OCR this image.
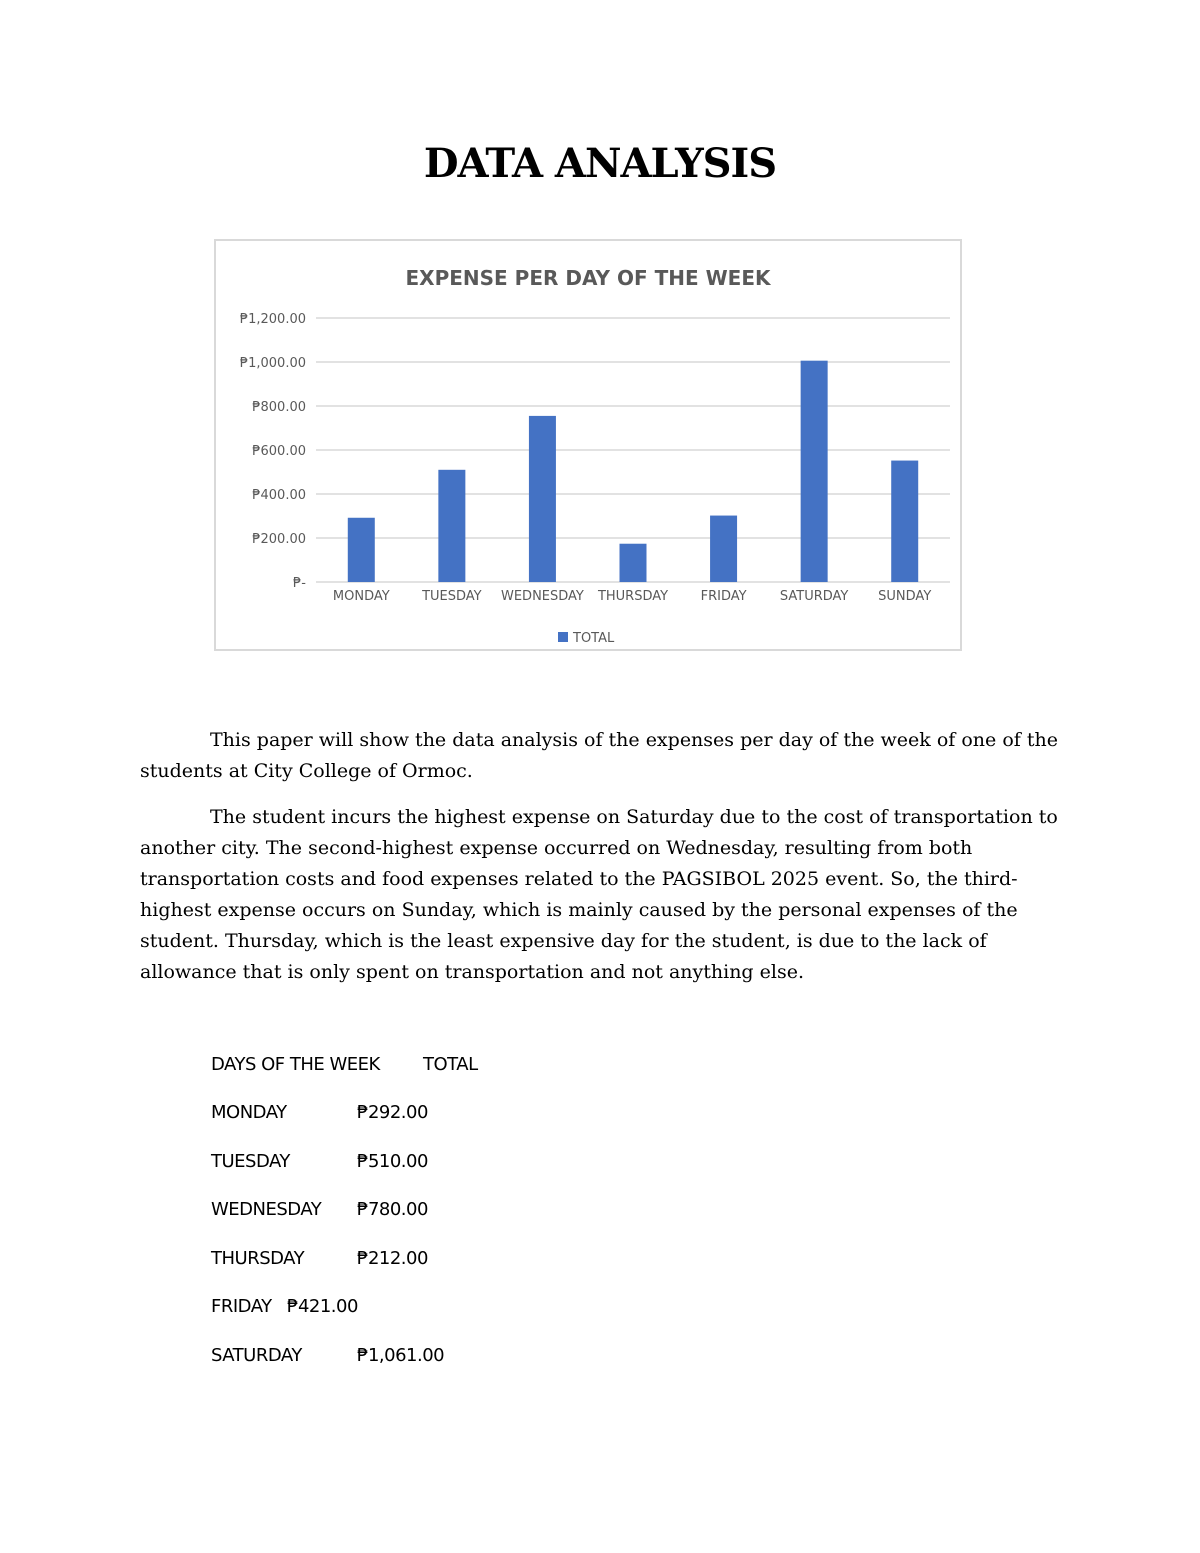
DATA ANALYSIS
EXPENSE PER DAY OF THE WEEK
₱-
₱200.00
₱400.00
₱600.00
₱800.00
₱1,000.00
₱1,200.00
MONDAY TUESDAY WEDNESDAY THURSDAY	FRIDAY	SATURDAY SUNDAY
TOTAL

This paper will show the data analysis of the expenses per day of the week of one of the students at City College of Ormoc.

The student incurs the highest expense on Saturday due to the cost of transportation to another city. The second-highest expense occurred on Wednesday, resulting from both transportation costs and food expenses related to the PAGSIBOL 2025 event. So, the third-highest expense occurs on Sunday, which is mainly caused by the personal expenses of the student. Thursday, which is the least expensive day for the student, is due to the lack of allowance that is only spent on transportation and not anything else.

DAYS OF THE WEEK TOTAL
MONDAY	₱292.00
TUESDAY	₱510.00
WEDNESDAY ₱780.00
THURSDAY	₱212.00
FRIDAY ₱421.00
SATURDAY	₱1,061.00
